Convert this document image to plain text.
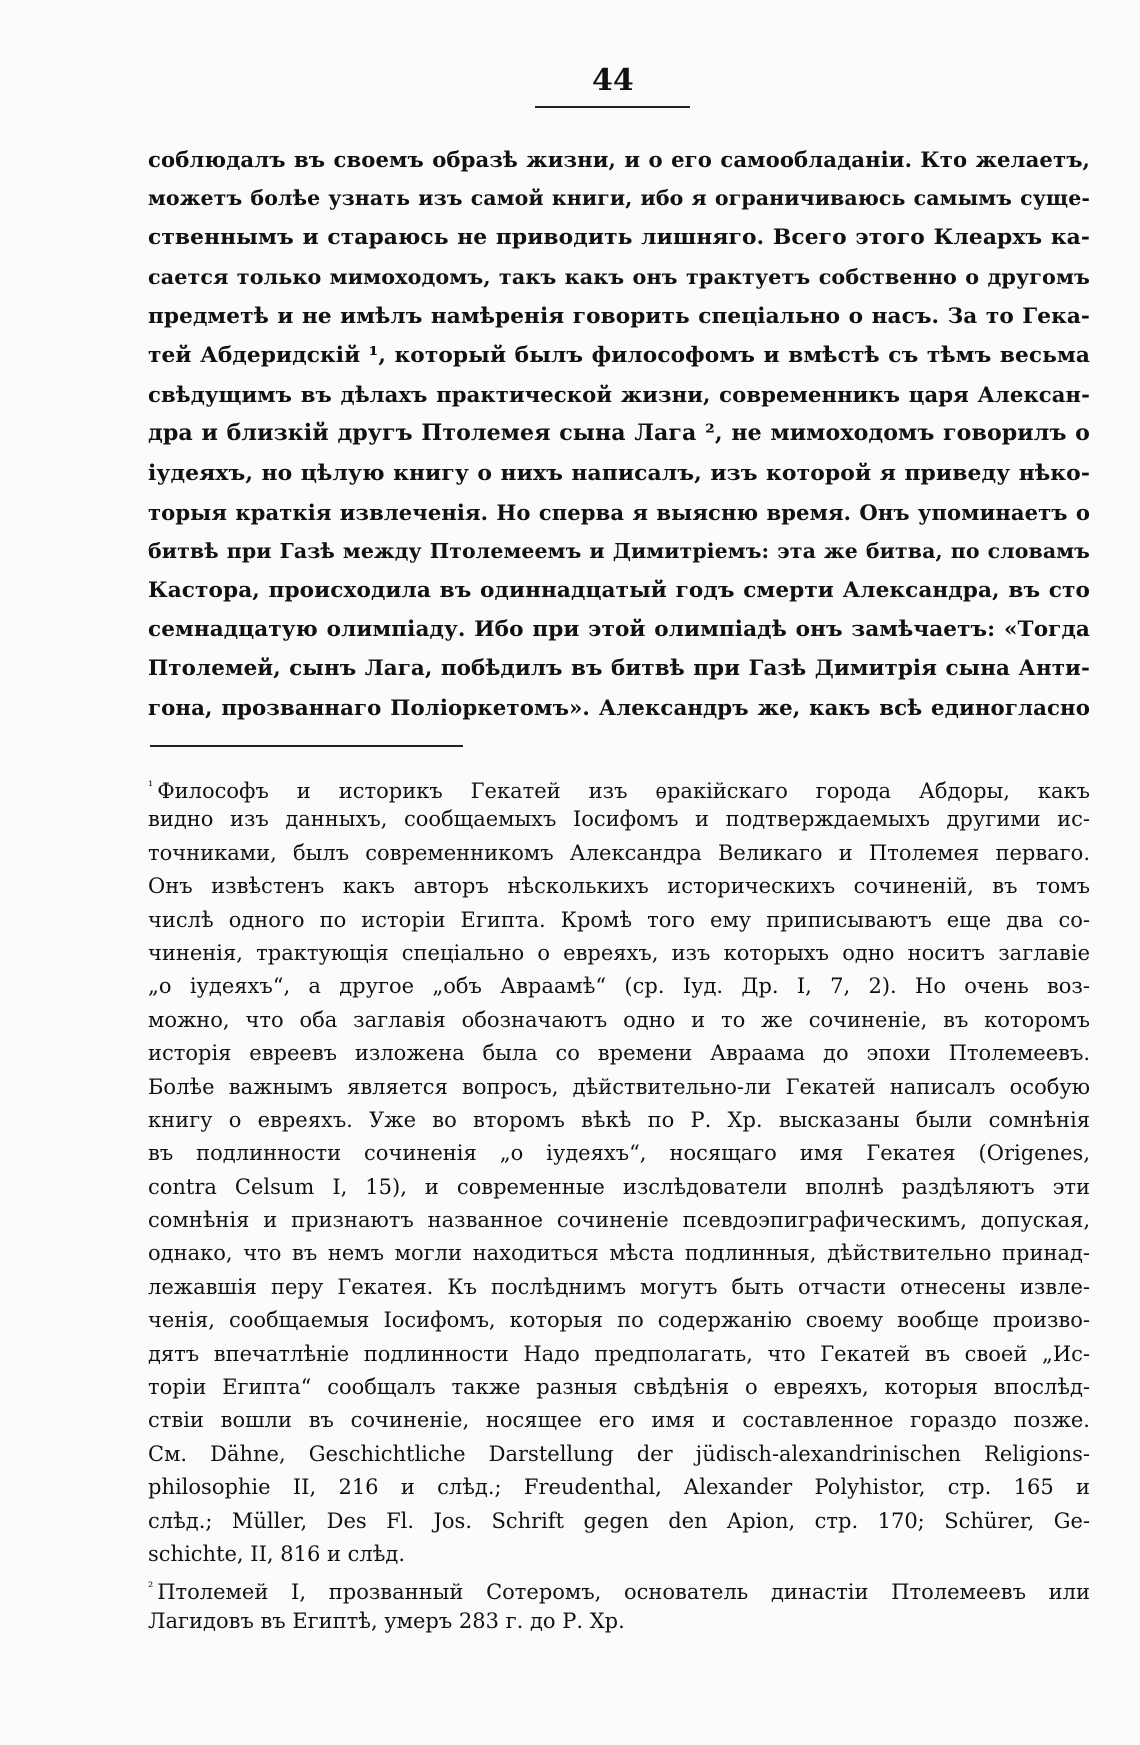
44
соблюдалъ въ своемъ образѣ жизни, и о его самообладаніи. Кто желаетъ,
можетъ болѣе узнать изъ самой книги, ибо я ограничиваюсь самымъ суще-
ственнымъ и стараюсь не приводить лишняго. Всего этого Клеархъ ка-
сается только мимоходомъ, такъ какъ онъ трактуетъ собственно о другомъ
предметѣ и не имѣлъ намѣренія говорить спеціально о насъ. За то Гека-
тей Абдеридскій ¹, который былъ философомъ и вмѣстѣ съ тѣмъ весьма
свѣдущимъ въ дѣлахъ практической жизни, современникъ царя Алексан-
дра и близкій другъ Птолемея сына Лага ², не мимоходомъ говорилъ о
іудеяхъ, но цѣлую книгу о нихъ написалъ, изъ которой я приведу нѣко-
торыя краткія извлеченія. Но сперва я выясню время. Онъ упоминаетъ о
битвѣ при Газѣ между Птолемеемъ и Димитріемъ: эта же битва, по словамъ
Кастора, происходила въ одиннадцатый годъ смерти Александра, въ сто
семнадцатую олимпіаду. Ибо при этой олимпіадѣ онъ замѣчаетъ: «Тогда
Птолемей, сынъ Лага, побѣдилъ въ битвѣ при Газѣ Димитрія сына Анти-
гона, прозваннаго Поліоркетомъ». Александръ же, какъ всѣ единогласно
$^{^1}$ Философъ и историкъ Гекатей изъ ѳракійскаго города Абдоры, какъ
видно изъ данныхъ, сообщаемыхъ Іосифомъ и подтверждаемыхъ другими ис-
точниками, былъ современникомъ Александра Великаго и Птолемея перваго.
Онъ извѣстенъ какъ авторъ нѣсколькихъ историческихъ сочиненій, въ томъ
числѣ одного по исторіи Египта. Кромѣ того ему приписываютъ еще два со-
чиненія, трактующія спеціально о евреяхъ, изъ которыхъ одно носитъ заглавіе
„о іудеяхъ“, а другое „объ Авраамѣ“ (ср. Іуд. Др. I, 7, 2). Но очень воз-
можно, что оба заглавія обозначаютъ одно и то же сочиненіе, въ которомъ
исторія евреевъ изложена была со времени Авраама до эпохи Птолемеевъ.
Болѣе важнымъ является вопросъ, дѣйствительно-ли Гекатей написалъ особую
книгу о евреяхъ. Уже во второмъ вѣкѣ по Р. Хр. высказаны были сомнѣнія
въ подлинности сочиненія „о іудеяхъ“, носящаго имя Гекатея (Origenes,
contra Celsum I, 15), и современные изслѣдователи вполнѣ раздѣляютъ эти
сомнѣнія и признаютъ названное сочиненіе псевдоэпиграфическимъ, допуская,
однако, что въ немъ могли находиться мѣста подлинныя, дѣйствительно принад-
лежавшія перу Гекатея. Къ послѣднимъ могутъ быть отчасти отнесены извле-
ченія, сообщаемыя Іосифомъ, которыя по содержанію своему вообще произво-
дятъ впечатлѣніе подлинности Надо предполагать, что Гекатей въ своей „Ис-
торіи Египта“ сообщалъ также разныя свѣдѣнія о евреяхъ, которыя впослѣд-
ствіи вошли въ сочиненіе, носящее его имя и составленное гораздо позже.
См. Dähne, Geschichtliche Darstellung der jüdisch-alexandrinischen Religions-
philosophie II, 216 и слѣд.; Freudenthal, Alexander Polyhistor, стр. 165 и
слѣд.; Müller, Des Fl. Jos. Schrift gegen den Apion, стр. 170; Schürer, Ge-
schichte, II, 816 и слѣд.
$^{^2}$ Птолемей I, прозванный Сотеромъ, основатель династіи Птолемеевъ или
Лагидовъ въ Египтѣ, умеръ 283 г. до Р. Хр.
